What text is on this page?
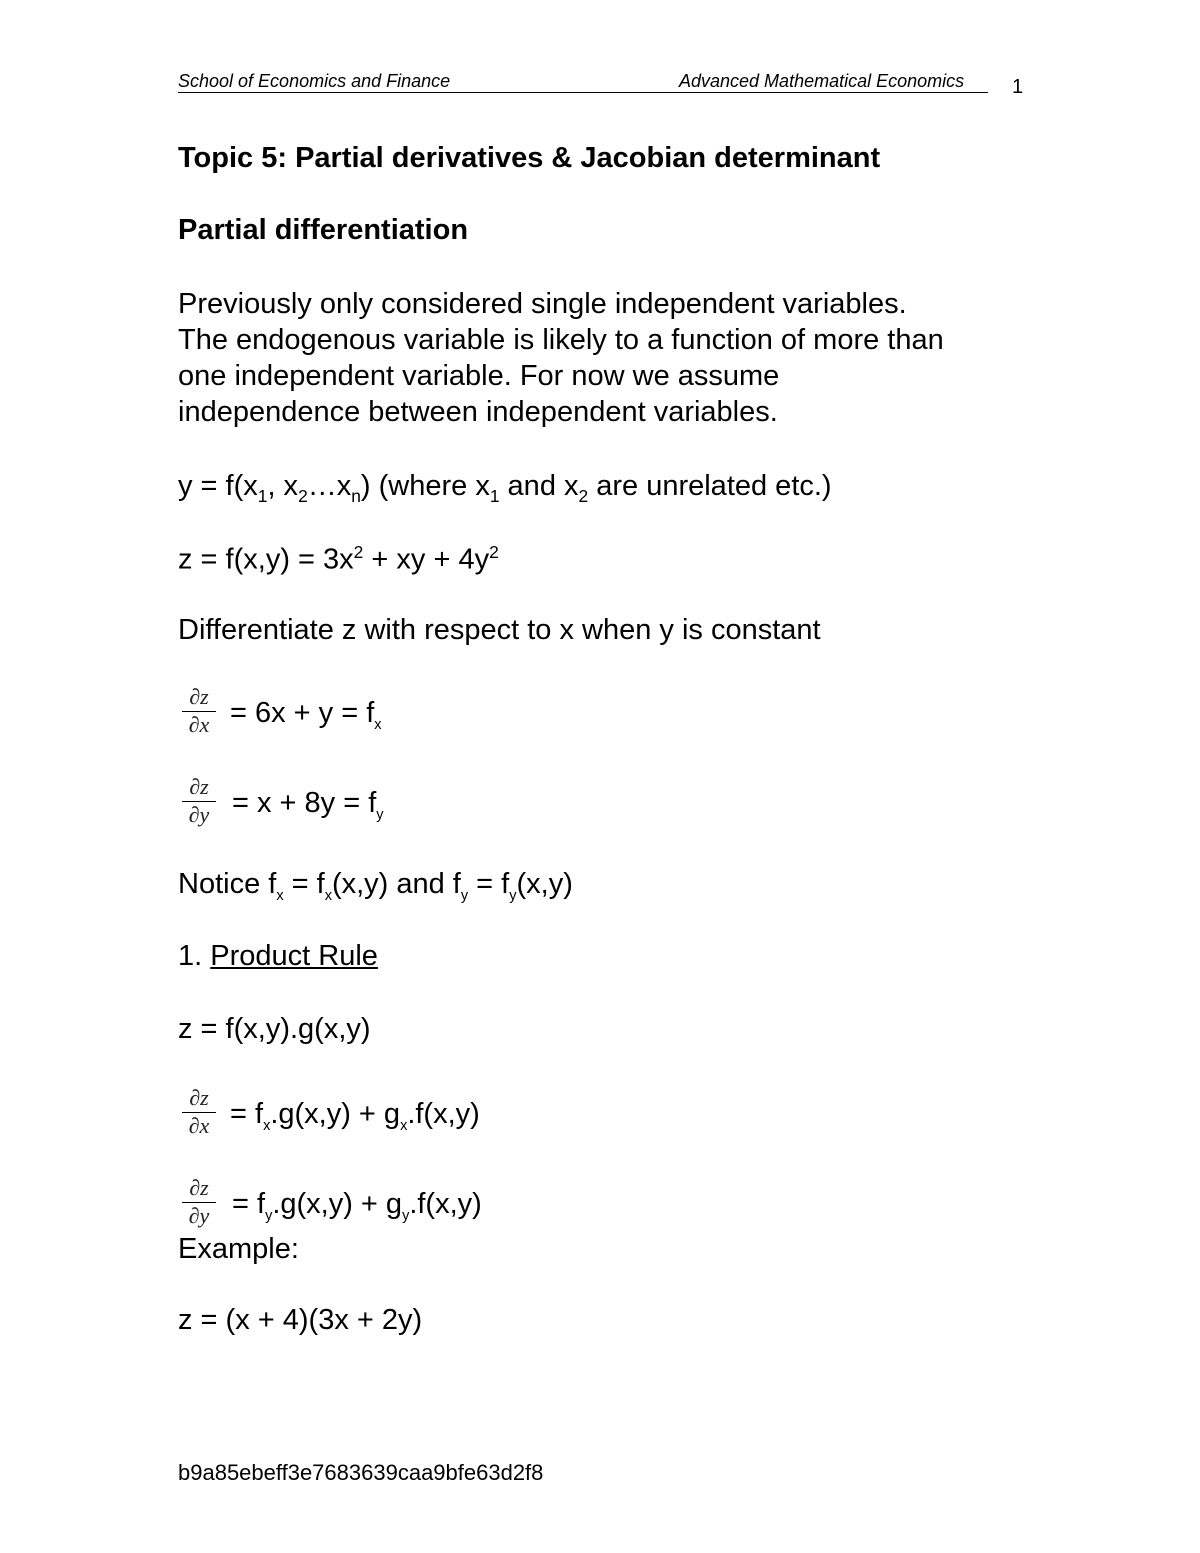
School of Economics and Finance	Advanced Mathematical Economics 1
Topic 5: Partial derivatives & Jacobian determinant
Partial differentiation
Previously only considered single independent variables.
The endogenous variable is likely to a function of more than
one independent variable. For now we assume
independence between independent variables.
$y = f(x_1$, $x_2\dots x_n$) (where $x_1$ and $x_2$ are unrelated etc.)
$z = f(x,y) = 3x^2$ + xy + $4y^2$
Differentiate z with respect to x when y is constant
∂z
$\partial x = 6x + y = f_x$
∂z
$\partial y = x + 8y = f_y$
Notice $f_x = f_x(x,y)$ and $f_y = f_y(x,y)$
1. Product Rule
z = f(x,y).g(x,y)
∂z
$\partial x = f_x.g(x,y) + g_x.f(x,y)$
∂z
$\partial y = f_y.g(x,y) + g_y.f(x,y)$
Example:
z = (x + 4)(3x + 2y)
b9a85ebeff3e7683639caa9bfe63d2f8
